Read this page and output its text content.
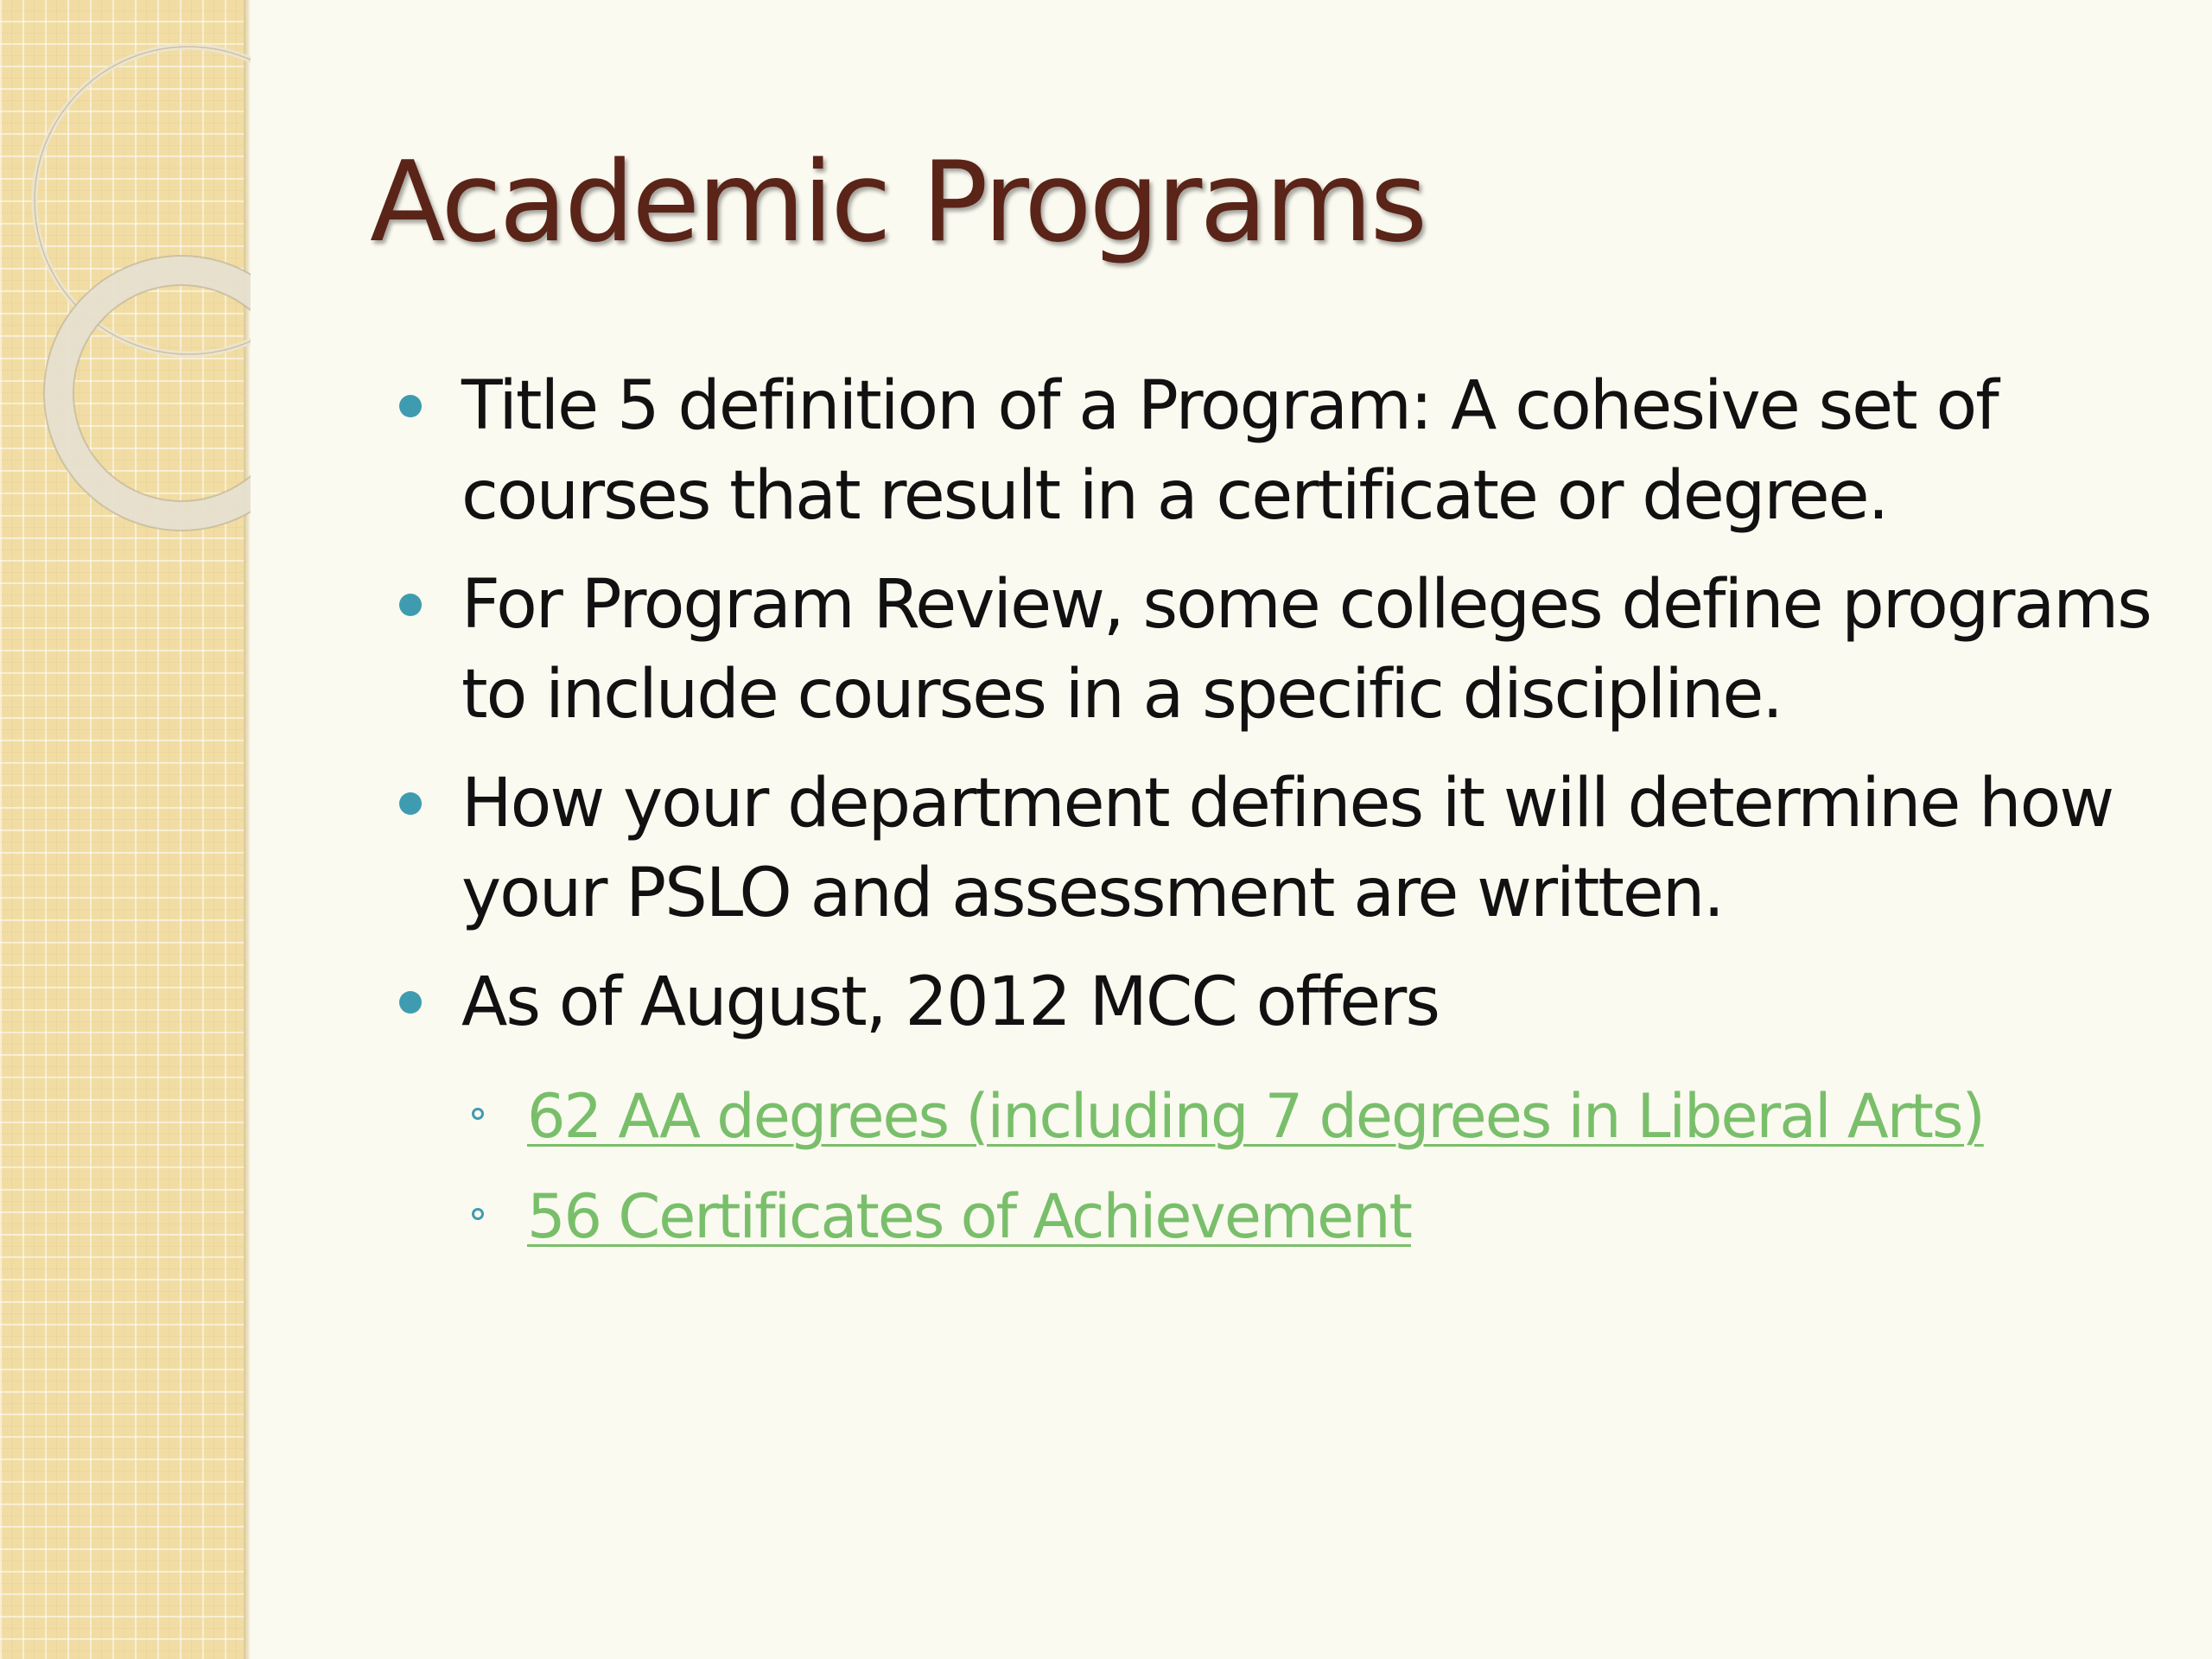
Academic Programs
Title 5 definition of a Program: A cohesive set of courses that result in a certificate or degree.
For Program Review, some colleges define programs to include courses in a specific discipline.
How your department defines it will determine how your PSLO and assessment are written.
As of August, 2012 MCC offers
62 AA degrees (including 7 degrees in Liberal Arts)
56 Certificates of Achievement
